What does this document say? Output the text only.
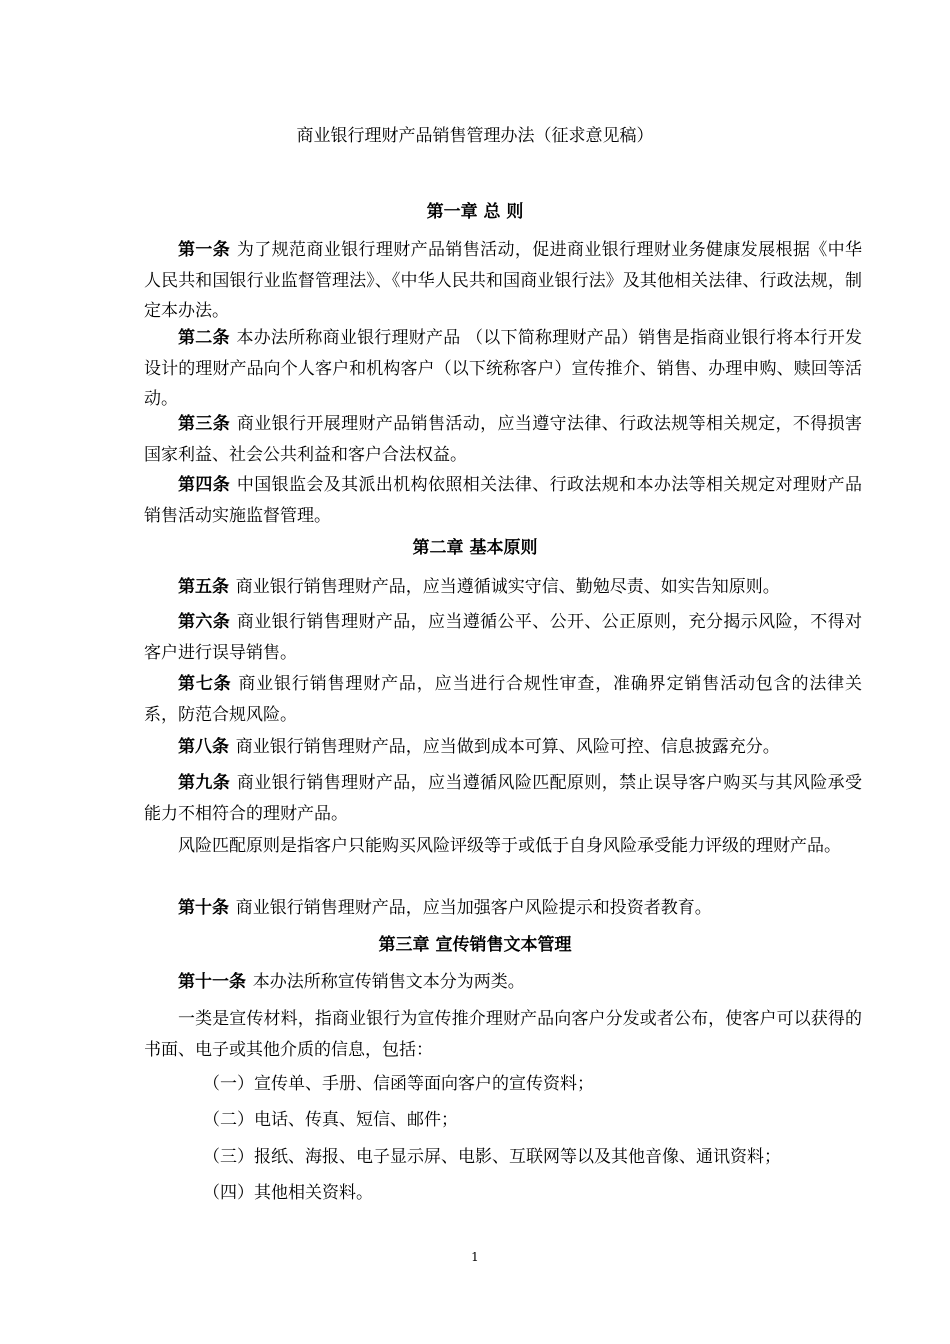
商业银行理财产品销售管理办法（征求意见稿）
第一章 总 则

第一条 为了规范商业银行理财产品销售活动，促进商业银行理财业务健康发展根据《中华人民共和国银行业监督管理法》、《中华人民共和国商业银行法》及其他相关法律、行政法规，制定本办法。

第二条 本办法所称商业银行理财产品 （以下简称理财产品）销售是指商业银行将本行开发设计的理财产品向个人客户和机构客户（以下统称客户）宣传推介、销售、办理申购、赎回等活动。

第三条 商业银行开展理财产品销售活动，应当遵守法律、行政法规等相关规定，不得损害国家利益、社会公共利益和客户合法权益。

第四条 中国银监会及其派出机构依照相关法律、行政法规和本办法等相关规定对理财产品销售活动实施监督管理。

第二章 基本原则

第五条 商业银行销售理财产品，应当遵循诚实守信、勤勉尽责、如实告知原则。

第六条 商业银行销售理财产品，应当遵循公平、公开、公正原则，充分揭示风险，不得对客户进行误导销售。

第七条 商业银行销售理财产品，应当进行合规性审查，准确界定销售活动包含的法律关系，防范合规风险。

第八条 商业银行销售理财产品，应当做到成本可算、风险可控、信息披露充分。

第九条 商业银行销售理财产品，应当遵循风险匹配原则，禁止误导客户购买与其风险承受能力不相符合的理财产品。

风险匹配原则是指客户只能购买风险评级等于或低于自身风险承受能力评级的理财产品。

第十条 商业银行销售理财产品，应当加强客户风险提示和投资者教育。

第三章 宣传销售文本管理

第十一条 本办法所称宣传销售文本分为两类。

一类是宣传材料，指商业银行为宣传推介理财产品向客户分发或者公布，使客户可以获得的书面、电子或其他介质的信息，包括：

（一）宣传单、手册、信函等面向客户的宣传资料；

（二）电话、传真、短信、邮件；

（三）报纸、海报、电子显示屏、电影、互联网等以及其他音像、通讯资料；

（四）其他相关资料。

1
